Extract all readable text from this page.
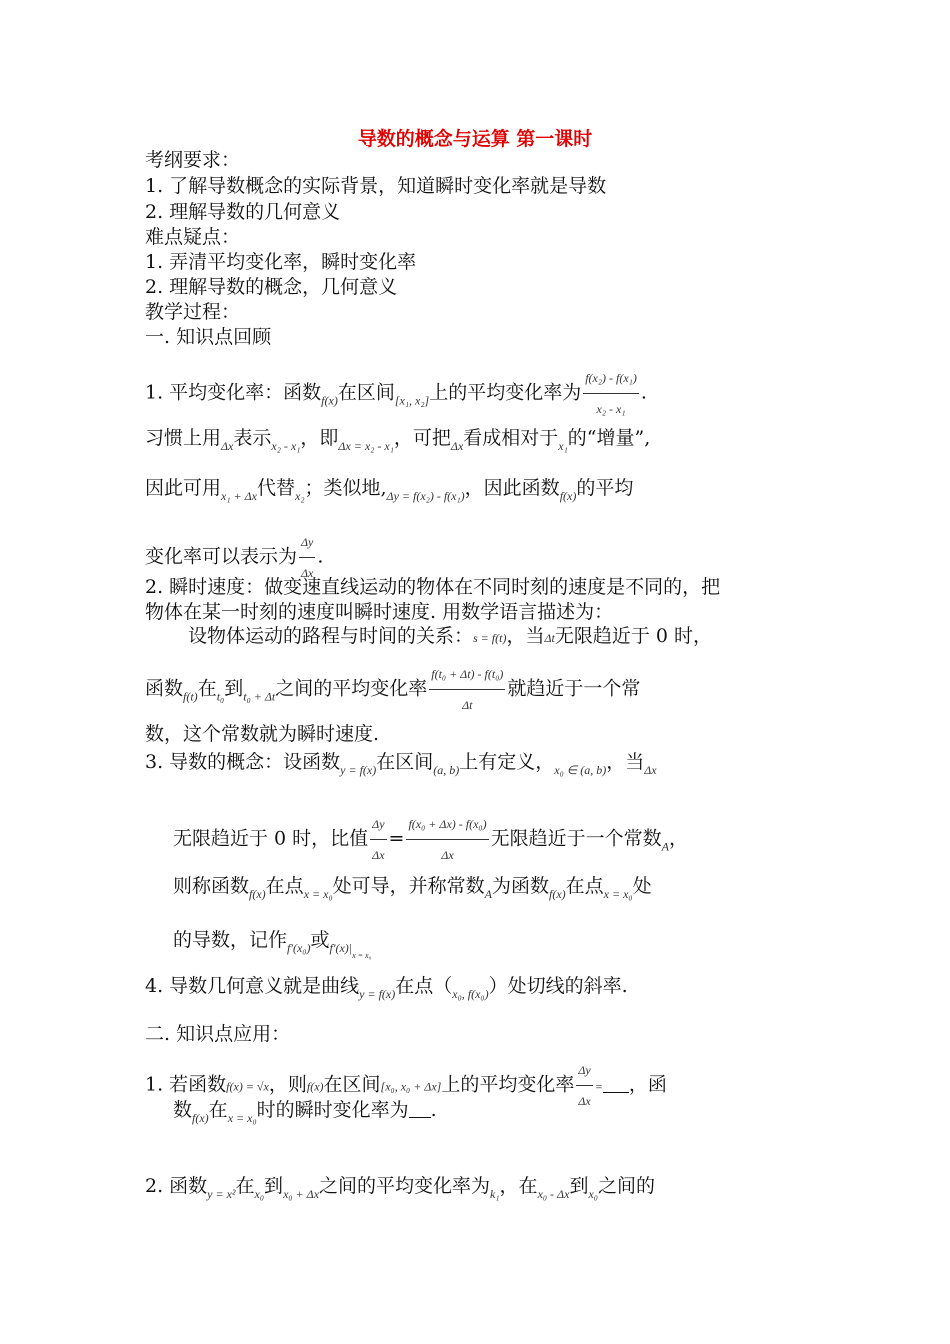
导数的概念与运算 第一课时
考纲要求：
1. 了解导数概念的实际背景，知道瞬时变化率就是导数
2. 理解导数的几何意义
难点疑点：
1. 弄清平均变化率，瞬时变化率
2. 理解导数的概念，几何意义
教学过程：
一. 知识点回顾
1. 平均变化率：函数$_{f(x)}$在区间$_{[x_1, x_2]}$上的平均变化率为 $\frac{\text{f(x₂) - f(x₁)}}{\text{x₂ - x₁}}$ .
习惯上用$_{\Delta x}$表示$_{x_2 - x_1}$，即$_{\Delta x = x_2 - x_1}$，可把$_{\Delta x}$看成相对于$_{x_1}$的“增量”,
因此可用$_{x_1 + \Delta x}$代替$_{x_2}$；类似地$,_{\Delta y = f(x_2) - f(x_1)}$，因此函数$_{f(x)}$的平均
变化率可以表示为 $\frac{\Delta y}{\Delta x}$ .
2. 瞬时速度：做变速直线运动的物体在不同时刻的速度是不同的，把
物体在某一时刻的速度叫瞬时速度. 用数学语言描述为：
设物体运动的路程与时间的关系：s = f(t)，当Δt无限趋近于 0 时，
函数$_{f(t)}$在$_{t_0}$到$_{t_0 + \Delta t}$之间的平均变化率 $\frac{\text{f(t₀ + Δt) - f(t₀)}}{\Delta t}$ 就趋近于一个常
数，这个常数就为瞬时速度.
3. 导数的概念：设函数$_{y = f(x)}$在区间$_{(a, b)}$上有定义，$_{x_0 \in (a, b)}$，当$_{\Delta x}$
无限趋近于 0 时，比值 $\frac{\Delta y}{\Delta x} = \frac{\text{f(x₀ + Δx) - f(x₀)}}{\Delta x}$ 无限趋近于一个常数$_A$，
则称函数$_{f(x)}$在点$_{x = x_0}$处可导，并称常数$_A$为函数$_{f(x)}$在点$_{x = x_0}$处
的导数，记作$_{f'(x_0)}$或$_{f'(x)|x = x_0}$
4. 导数几何意义就是曲线$_{y = f(x)}$在点$(_{x_0, f(x_0)})$处切线的斜率.
二. 知识点应用：
1. 若函数f(x) = √x，则f(x)在区间[x₀, x₀ + Δx]上的平均变化率 $\frac{\Delta y}{\Delta x}$ = ，函
数$_{f(x)}$在$_{x = x_0}$时的瞬时变化率为 .
2. 函数$_{y = x^2}$在$_{x_0}$到$_{x_0 + \Delta x}$之间的平均变化率为$_{k_1}$，在$_{x_0 - \Delta x}$到$_{x_0}$之间的
